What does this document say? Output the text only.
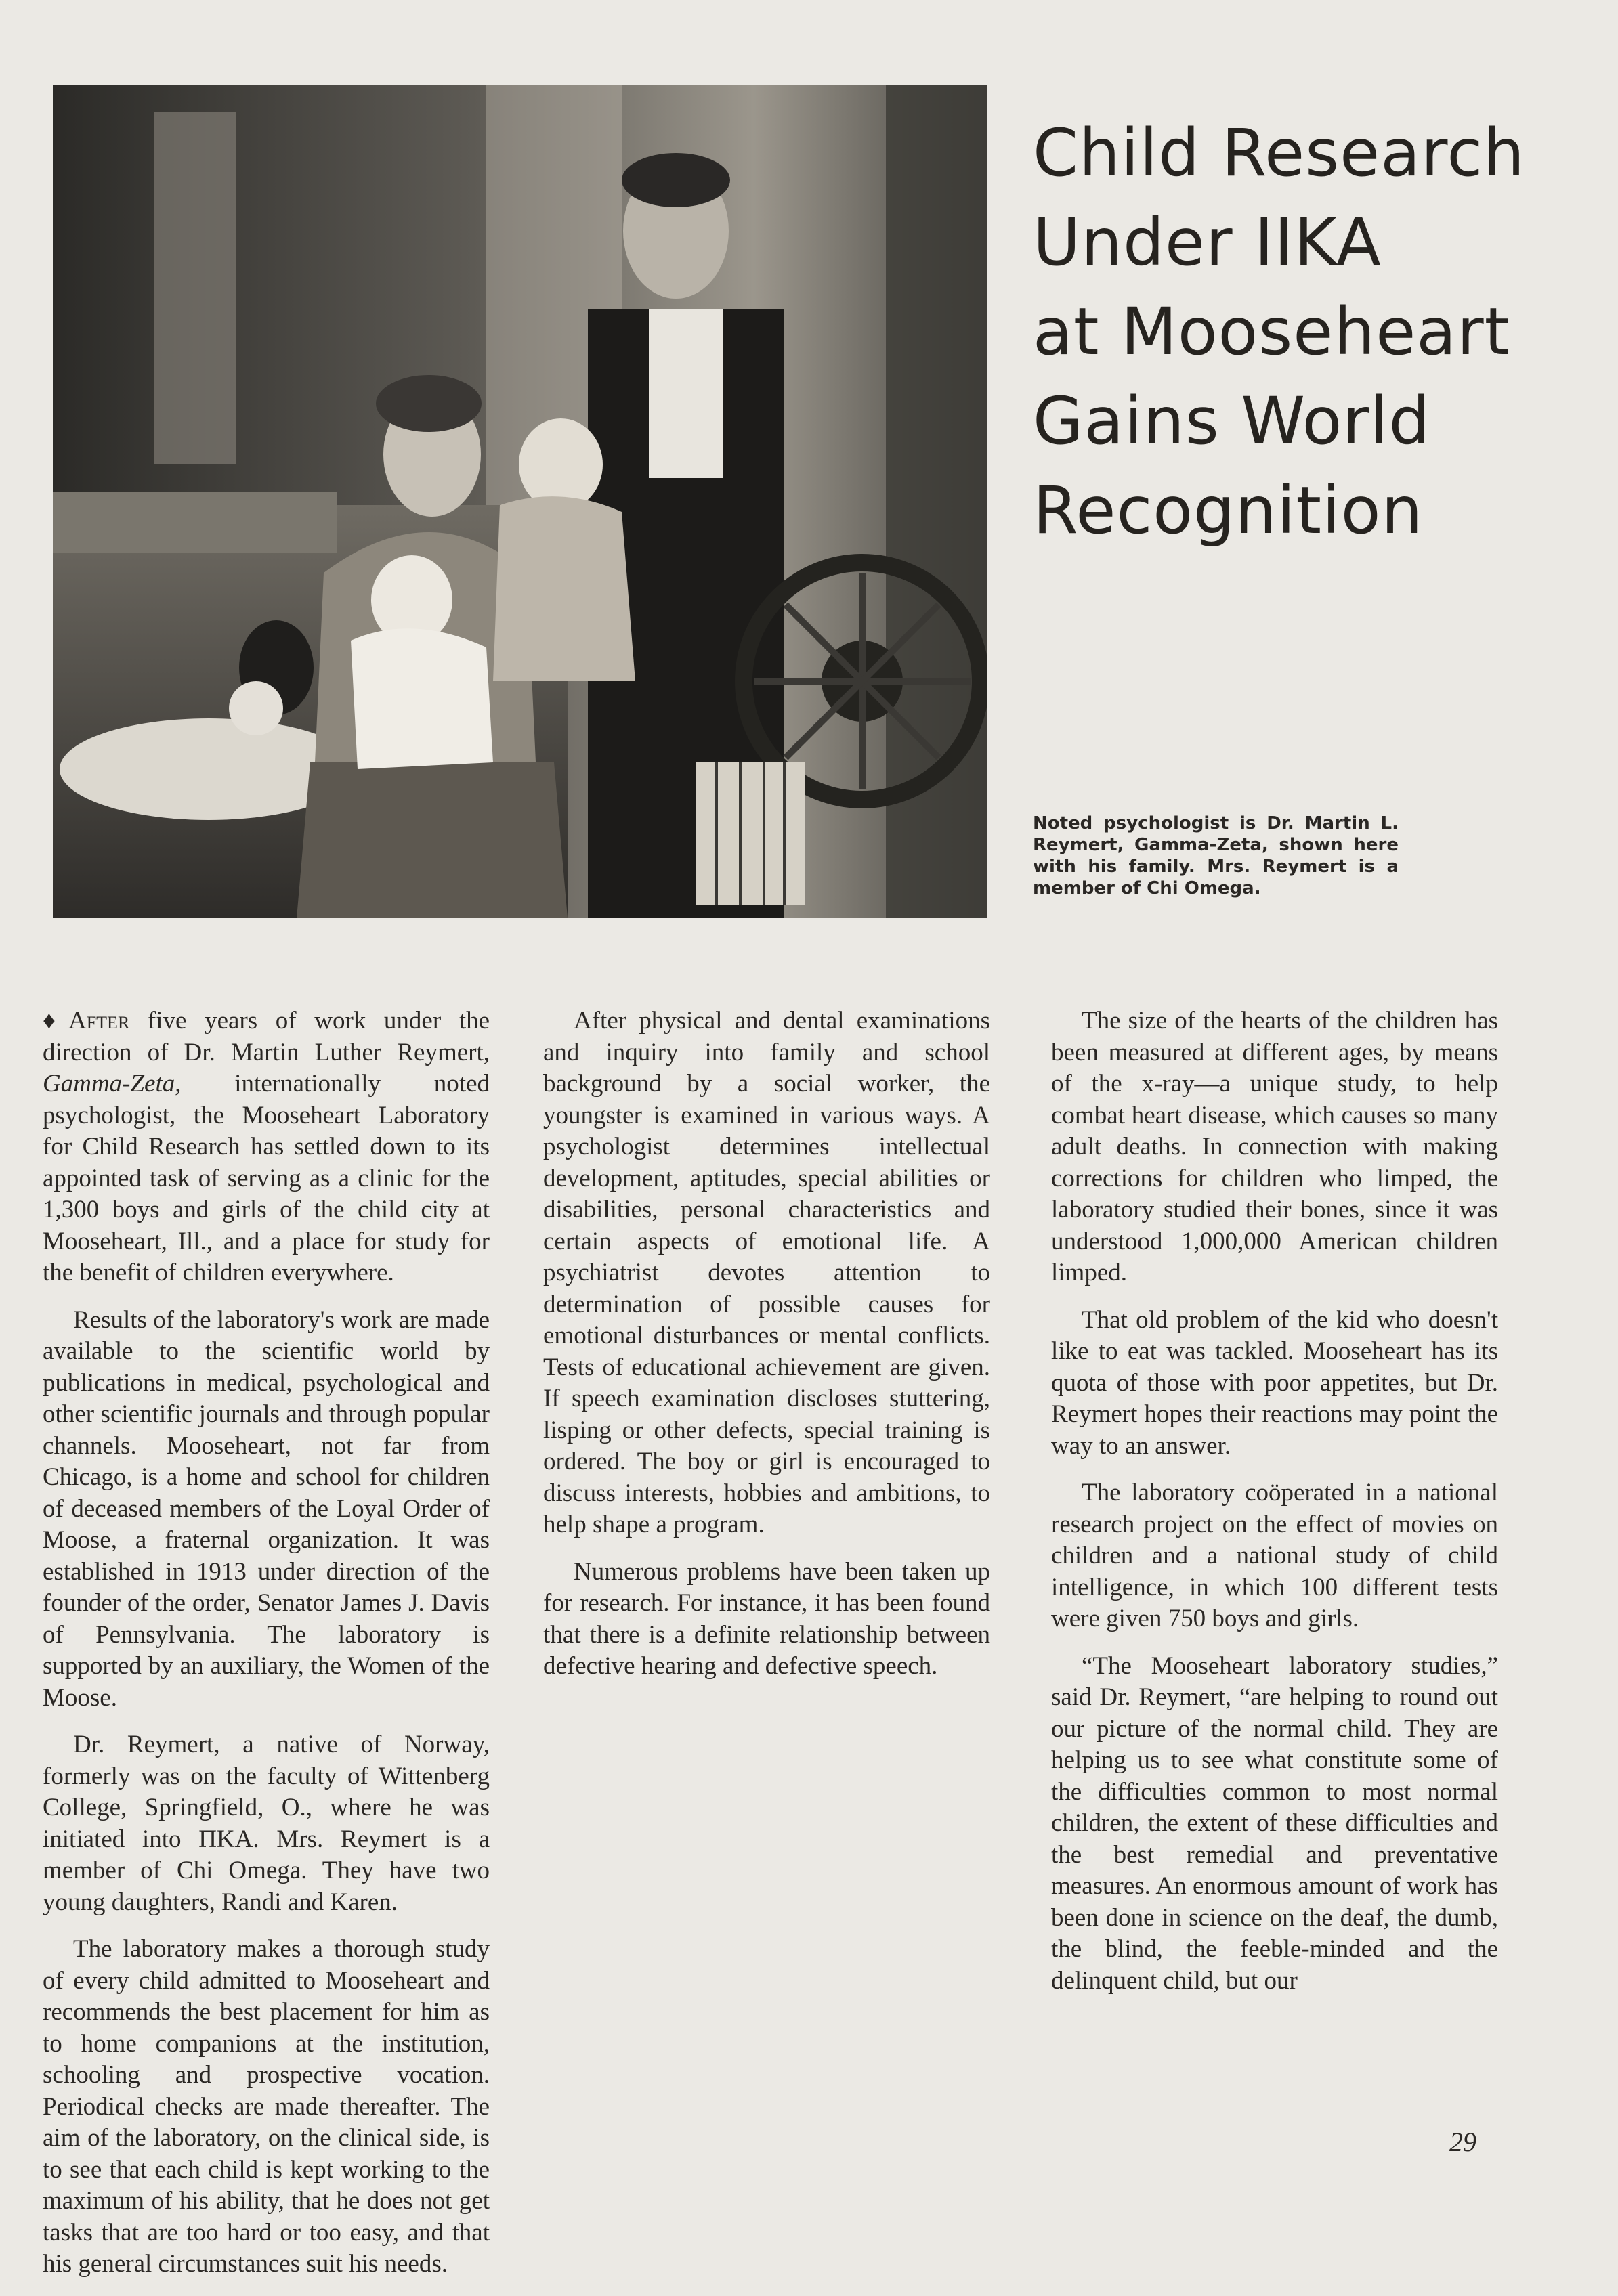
Child Research
Under IIKA
at Mooseheart
Gains World
Recognition

Noted psychologist is Dr. Martin L. Reymert, Gamma-Zeta, shown here with his family. Mrs. Reymert is a member of Chi Omega.

♦ After five years of work under the direction of Dr. Martin Luther Reymert, Gamma-Zeta, internationally noted psychologist, the Mooseheart Laboratory for Child Research has settled down to its appointed task of serving as a clinic for the 1,300 boys and girls of the child city at Mooseheart, Ill., and a place for study for the benefit of children everywhere.

Results of the laboratory's work are made available to the scientific world by publications in medical, psychological and other scientific journals and through popular channels. Mooseheart, not far from Chicago, is a home and school for children of deceased members of the Loyal Order of Moose, a fraternal organization. It was established in 1913 under direction of the founder of the order, Senator James J. Davis of Pennsylvania. The laboratory is supported by an auxiliary, the Women of the Moose.

Dr. Reymert, a native of Norway, formerly was on the faculty of Wittenberg College, Springfield, O., where he was initiated into ΠΚΑ. Mrs. Reymert is a member of Chi Omega. They have two young daughters, Randi and Karen.

The laboratory makes a thorough study of every child admitted to Mooseheart and recommends the best placement for him as to home companions at the institution, schooling and prospective vocation. Periodical checks are made thereafter. The aim of the laboratory, on the clinical side, is to see that each child is kept working to the maximum of his ability, that he does not get tasks that are too hard or too easy, and that his general circumstances suit his needs.

After physical and dental examinations and inquiry into family and school background by a social worker, the youngster is examined in various ways. A psychologist determines intellectual development, aptitudes, special abilities or disabilities, personal characteristics and certain aspects of emotional life. A psychiatrist devotes attention to determination of possible causes for emotional disturbances or mental conflicts. Tests of educational achievement are given. If speech examination discloses stuttering, lisping or other defects, special training is ordered. The boy or girl is encouraged to discuss interests, hobbies and ambitions, to help shape a program.

Numerous problems have been taken up for research. For instance, it has been found that there is a definite relationship between defective hearing and defective speech.

The size of the hearts of the children has been measured at different ages, by means of the x-ray—a unique study, to help combat heart disease, which causes so many adult deaths. In connection with making corrections for children who limped, the laboratory studied their bones, since it was understood 1,000,000 American children limped.

That old problem of the kid who doesn't like to eat was tackled. Mooseheart has its quota of those with poor appetites, but Dr. Reymert hopes their reactions may point the way to an answer.

The laboratory coöperated in a national research project on the effect of movies on children and a national study of child intelligence, in which 100 different tests were given 750 boys and girls.

“The Mooseheart laboratory studies,” said Dr. Reymert, “are helping to round out our picture of the normal child. They are helping us to see what constitute some of the difficulties common to most normal children, the extent of these difficulties and the best remedial and preventative measures. An enormous amount of work has been done in science on the deaf, the dumb, the blind, the feeble-minded and the delinquent child, but our

29
